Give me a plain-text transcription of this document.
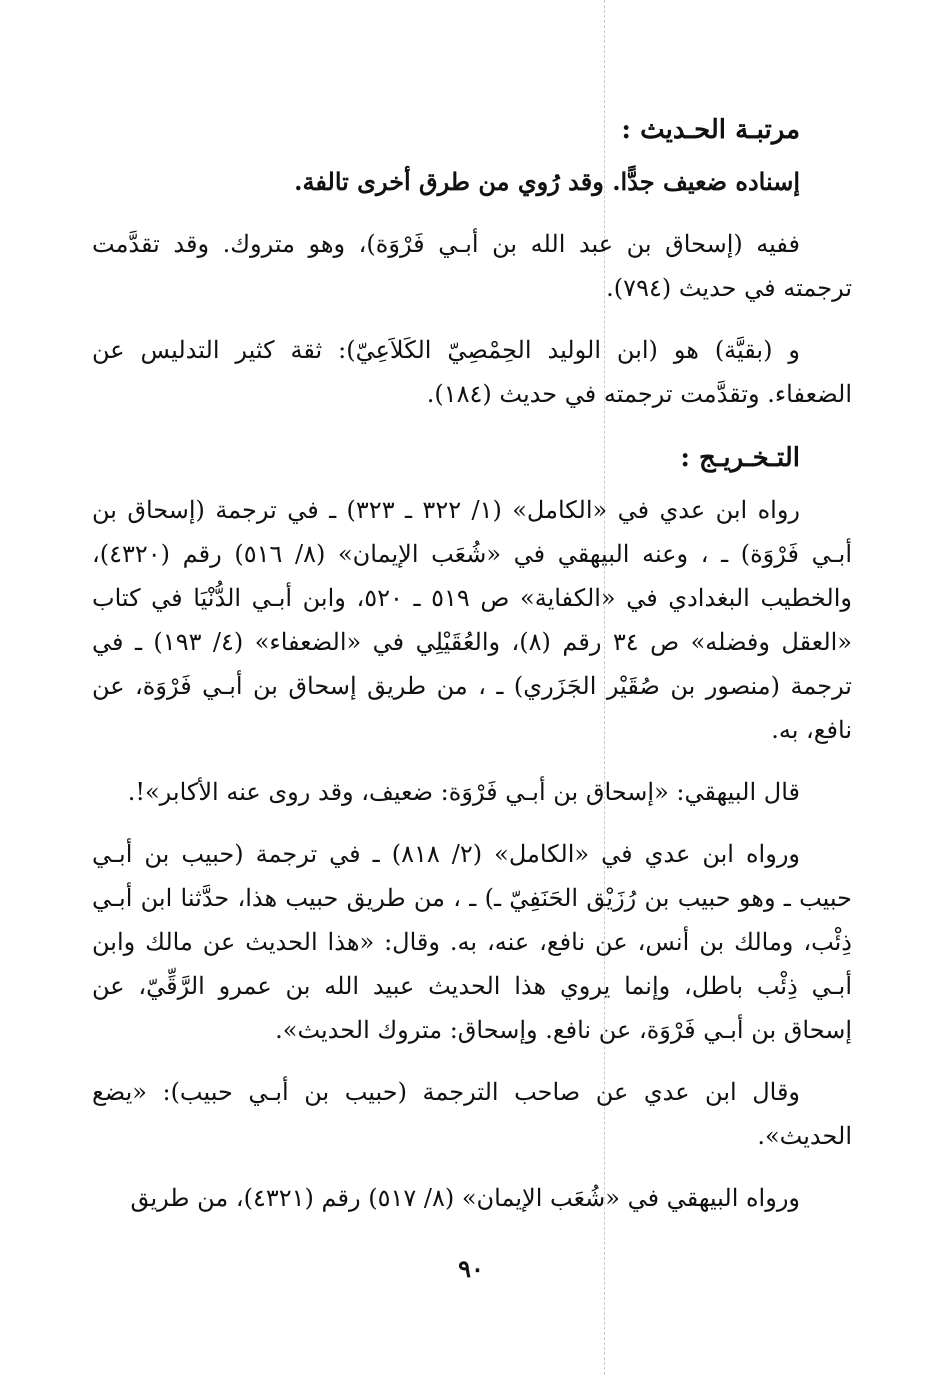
مرتبـة الحـديث :

إسناده ضعيف جدًّا. وقد رُوي من طرق أخرى تالفة.

ففيه (إسحاق بن عبد الله بن أبـي فَرْوَة)، وهو متروك. وقد تقدَّمت ترجمته في حديث (٧٩٤).

و (بقيَّة) هو (ابن الوليد الحِمْصِيّ الكَلاَعِيّ): ثقة كثير التدليس عن الضعفاء. وتقدَّمت ترجمته في حديث (١٨٤).

التـخـريـج :

رواه ابن عدي في «الكامل» (١/ ٣٢٢ ـ ٣٢٣) ـ في ترجمة (إسحاق بن أبـي فَرْوَة) ـ ، وعنه البيهقي في «شُعَب الإيمان» (٨/ ٥١٦) رقم (٤٣٢٠)، والخطيب البغدادي في «الكفاية» ص ٥١٩ ـ ٥٢٠، وابن أبـي الدُّنْيَا في كتاب «العقل وفضله» ص ٣٤ رقم (٨)، والعُقَيْلِي في «الضعفاء» (٤/ ١٩٣) ـ في ترجمة (منصور بن صُقَيْر الجَزَري) ـ ، من طريق إسحاق بن أبـي فَرْوَة، عن نافع، به.

قال البيهقي: «إسحاق بن أبـي فَرْوَة: ضعيف، وقد روى عنه الأكابر»!.

ورواه ابن عدي في «الكامل» (٢/ ٨١٨) ـ في ترجمة (حبيب بن أبـي حبيب ـ وهو حبيب بن رُزَيْق الحَنَفِيّ ـ) ـ ، من طريق حبيب هذا، حدَّثنا ابن أبـي ذِئْب، ومالك بن أنس، عن نافع، عنه، به. وقال: «هذا الحديث عن مالك وابن أبـي ذِئْب باطل، وإنما يروي هذا الحديث عبيد الله بن عمرو الرَّقِّيّ، عن إسحاق بن أبـي فَرْوَة، عن نافع. وإسحاق: متروك الحديث».

وقال ابن عدي عن صاحب الترجمة (حبيب بن أبـي حبيب): «يضع الحديث».

ورواه البيهقي في «شُعَب الإيمان» (٨/ ٥١٧) رقم (٤٣٢١)، من طريق

٩٠
